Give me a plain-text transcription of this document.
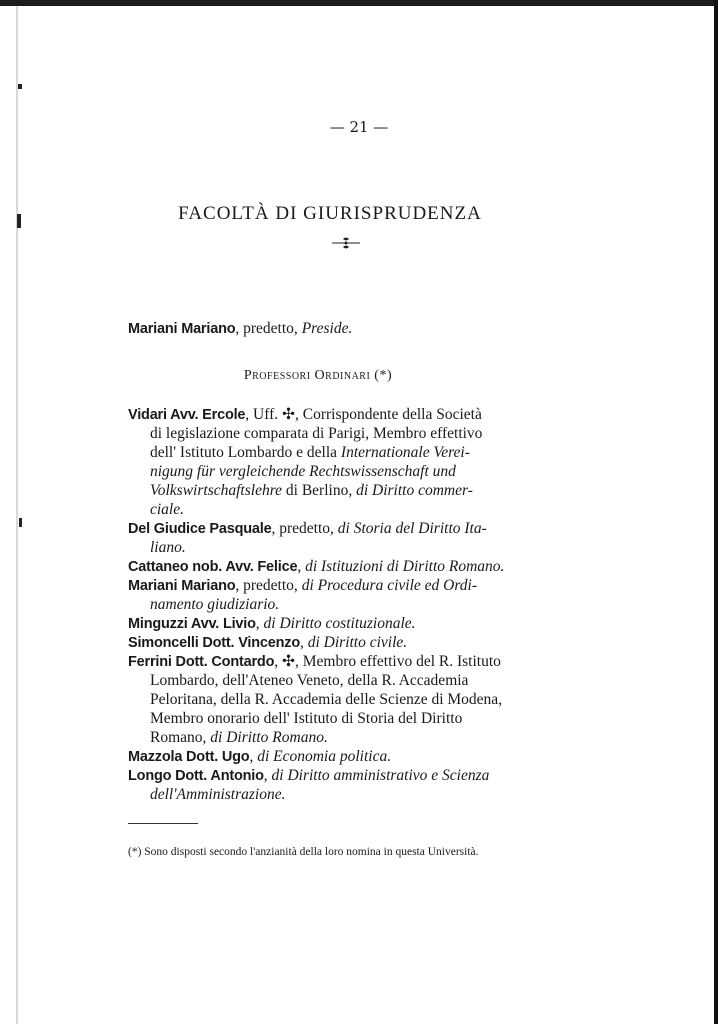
— 21 —
FACOLTÀ DI GIURISPRUDENZA
Mariani Mariano, predetto, Preside.
Professori Ordinari (*)
Vidari Avv. Ercole, Uff. ✣, Corrispondente della Società
di legislazione comparata di Parigi, Membro effettivo
dell' Istituto Lombardo e della Internationale Verei-
nigung für vergleichende Rechtswissenschaft und
Volkswirtschaftslehre di Berlino, di Diritto commer-
ciale.
Del Giudice Pasquale, predetto, di Storia del Diritto Ita-
liano.
Cattaneo nob. Avv. Felice, di Istituzioni di Diritto Romano.
Mariani Mariano, predetto, di Procedura civile ed Ordi-
namento giudiziario.
Minguzzi Avv. Livio, di Diritto costituzionale.
Simoncelli Dott. Vincenzo, di Diritto civile.
Ferrini Dott. Contardo, ✣, Membro effettivo del R. Istituto
Lombardo, dell'Ateneo Veneto, della R. Accademia
Peloritana, della R. Accademia delle Scienze di Modena,
Membro onorario dell' Istituto di Storia del Diritto
Romano, di Diritto Romano.
Mazzola Dott. Ugo, di Economia politica.
Longo Dott. Antonio, di Diritto amministrativo e Scienza
dell'Amministrazione.
(*) Sono disposti secondo l'anzianità della loro nomina in questa Università.
